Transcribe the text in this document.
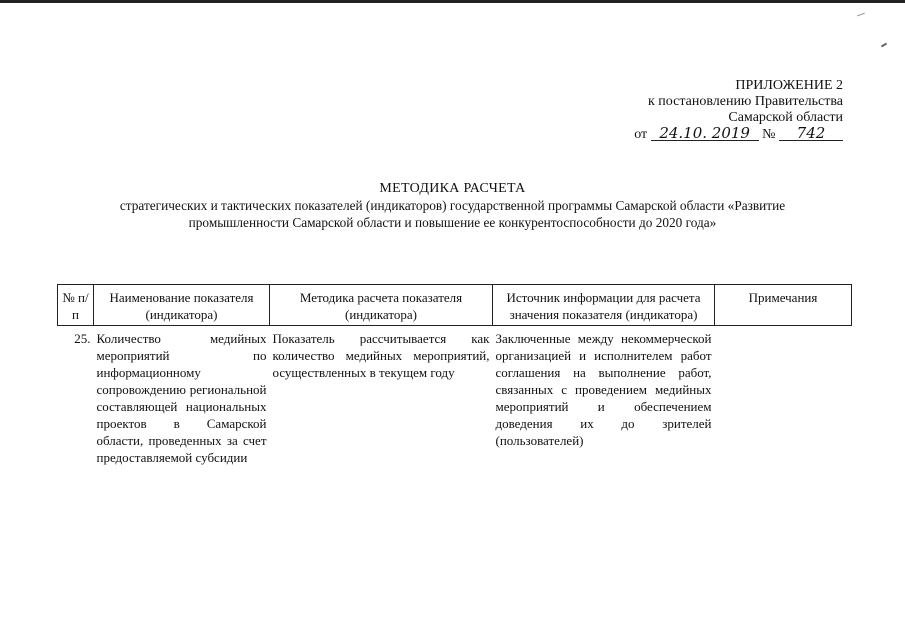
ПРИЛОЖЕНИЕ 2
к постановлению Правительства
Самарской области
от 24.10. 2019 № 742
МЕТОДИКА РАСЧЕТА
стратегических и тактических показателей (индикаторов) государственной программы Самарской области «Развитие
промышленности Самарской области и повышение ее конкурентоспособности до 2020 года»
№ п/п	Наименование показателя (индикатора)	Методика расчета показателя (индикатора)	Источник информации для расчета значения показателя (индикатора)	Примечания
25.	Количество медийных мероприятий по информационному сопровождению региональной составляющей национальных проектов в Самарской области, проведенных за счет предоставляемой субсидии	Показатель рассчитывается как количество медийных мероприятий, осуществленных в текущем году	Заключенные между некоммерческой организацией и исполнителем работ соглашения на выполнение работ, связанных с проведением медийных мероприятий и обеспечением доведения их до зрителей (пользователей)	
